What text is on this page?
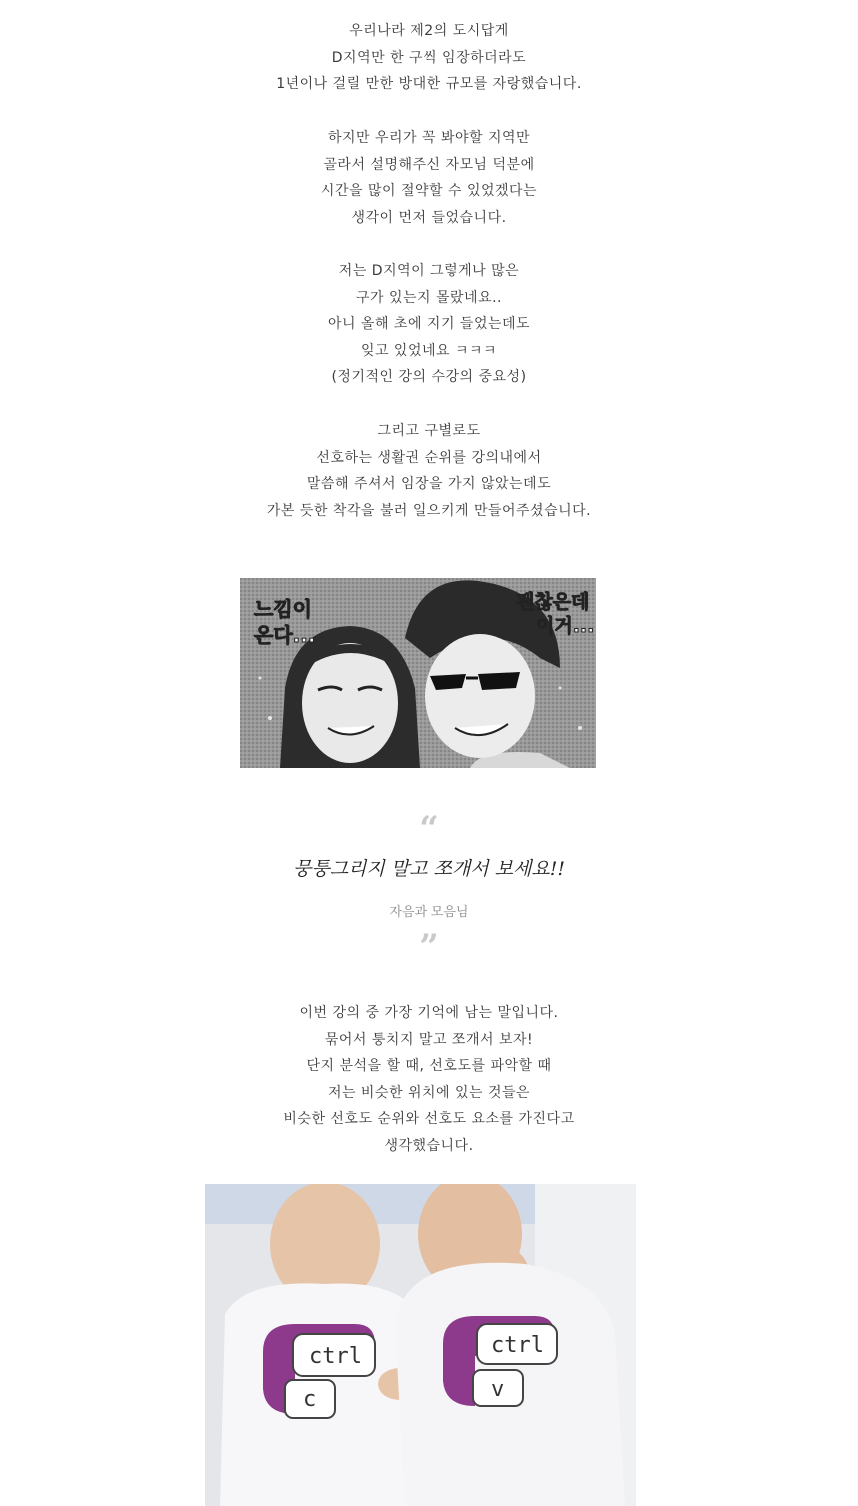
우리나라 제2의 도시답게
D지역만 한 구씩 임장하더라도
1년이나 걸릴 만한 방대한 규모를 자랑했습니다.
하지만 우리가 꼭 봐야할 지역만
골라서 설명해주신 자모님 덕분에
시간을 많이 절약할 수 있었겠다는
생각이 먼저 들었습니다.
저는 D지역이 그렇게나 많은
구가 있는지 몰랐네요..
아니 올해 초에 지기 들었는데도
잊고 있었네요 ㅋㅋㅋ
(정기적인 강의 수강의 중요성)
그리고 구별로도
선호하는 생활권 순위를 강의내에서
말씀해 주셔서 임장을 가지 않았는데도
가본 듯한 착각을 불러 일으키게 만들어주셨습니다.
느낌이
온다...
괜찮은데
이거...
“
뭉퉁그리지 말고 쪼개서 보세요!!
자음과 모음님
”
이번 강의 중 가장 기억에 남는 말입니다.
묶어서 퉁치지 말고 쪼개서 보자!
단지 분석을 할 때, 선호도를 파악할 때
저는 비슷한 위치에 있는 것들은
비슷한 선호도 순위와 선호도 요소를 가진다고
생각했습니다.
ctrl
c
ctrl
v
